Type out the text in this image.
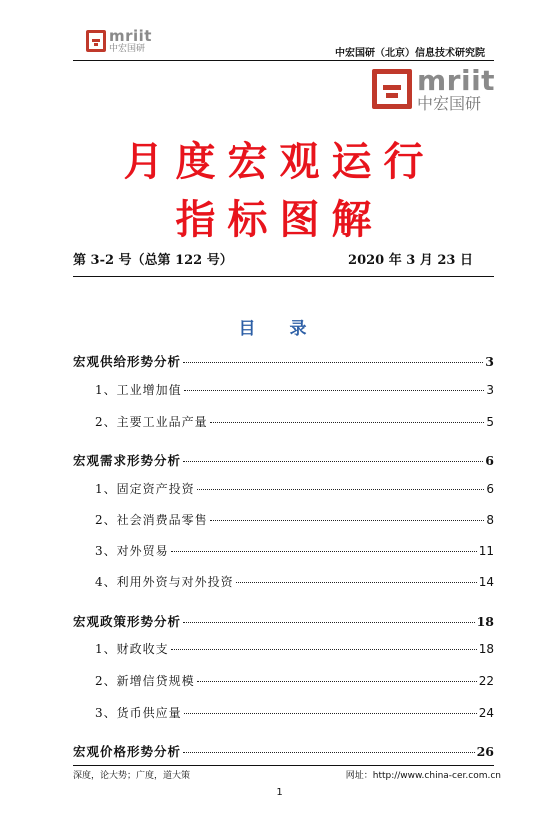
mriit
中宏国研	中宏国研（北京）信息技术研究院
mriit
中宏国研
月度宏观运行
指标图解
第 3-2 号（总第 122 号）	2020 年 3 月 23 日
目 录
宏观供给形势分析	3
1、工业增加值	3
2、主要工业品产量	5
宏观需求形势分析	6
1、固定资产投资	6
2、社会消费品零售	8
3、对外贸易	11
4、利用外资与对外投资	14
宏观政策形势分析	18
1、财政收支	18
2、新增信贷规模	22
3、货币供应量	24
宏观价格形势分析	26
深度，论大势；广度，道大策	网址：http://www.china-cer.com.cn
1
